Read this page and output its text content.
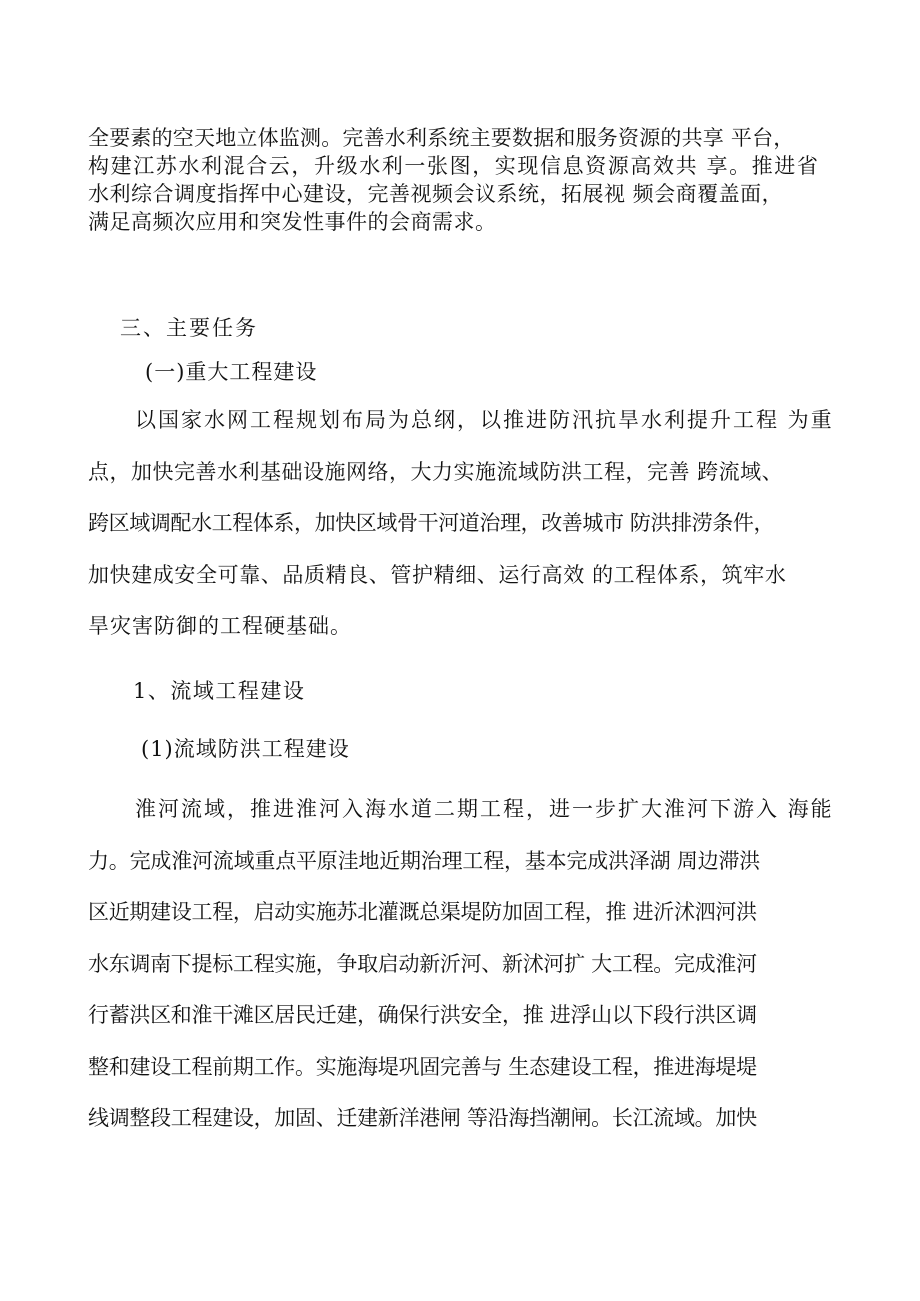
全要素的空天地立体监测。完善水利系统主要数据和服务资源的共享 平台，
构建江苏水利混合云，升级水利一张图，实现信息资源高效共 享。推进省
水利综合调度指挥中心建设，完善视频会议系统，拓展视 频会商覆盖面，
满足高频次应用和突发性事件的会商需求。
三、主要任务
(一)重大工程建设
以国家水网工程规划布局为总纲，以推进防汛抗旱水利提升工程 为重
点，加快完善水利基础设施网络，大力实施流域防洪工程，完善 跨流域、
跨区域调配水工程体系，加快区域骨干河道治理，改善城市 防洪排涝条件，
加快建成安全可靠、品质精良、管护精细、运行高效 的工程体系，筑牢水
旱灾害防御的工程硬基础。
1、流域工程建设
(1)流域防洪工程建设
淮河流域，推进淮河入海水道二期工程，进一步扩大淮河下游入 海能
力。完成淮河流域重点平原洼地近期治理工程，基本完成洪泽湖 周边滞洪
区近期建设工程，启动实施苏北灌溉总渠堤防加固工程，推 进沂沭泗河洪
水东调南下提标工程实施，争取启动新沂河、新沭河扩 大工程。完成淮河
行蓄洪区和淮干滩区居民迁建，确保行洪安全，推 进浮山以下段行洪区调
整和建设工程前期工作。实施海堤巩固完善与 生态建设工程，推进海堤堤
线调整段工程建设，加固、迁建新洋港闸 等沿海挡潮闸。长江流域。加快
